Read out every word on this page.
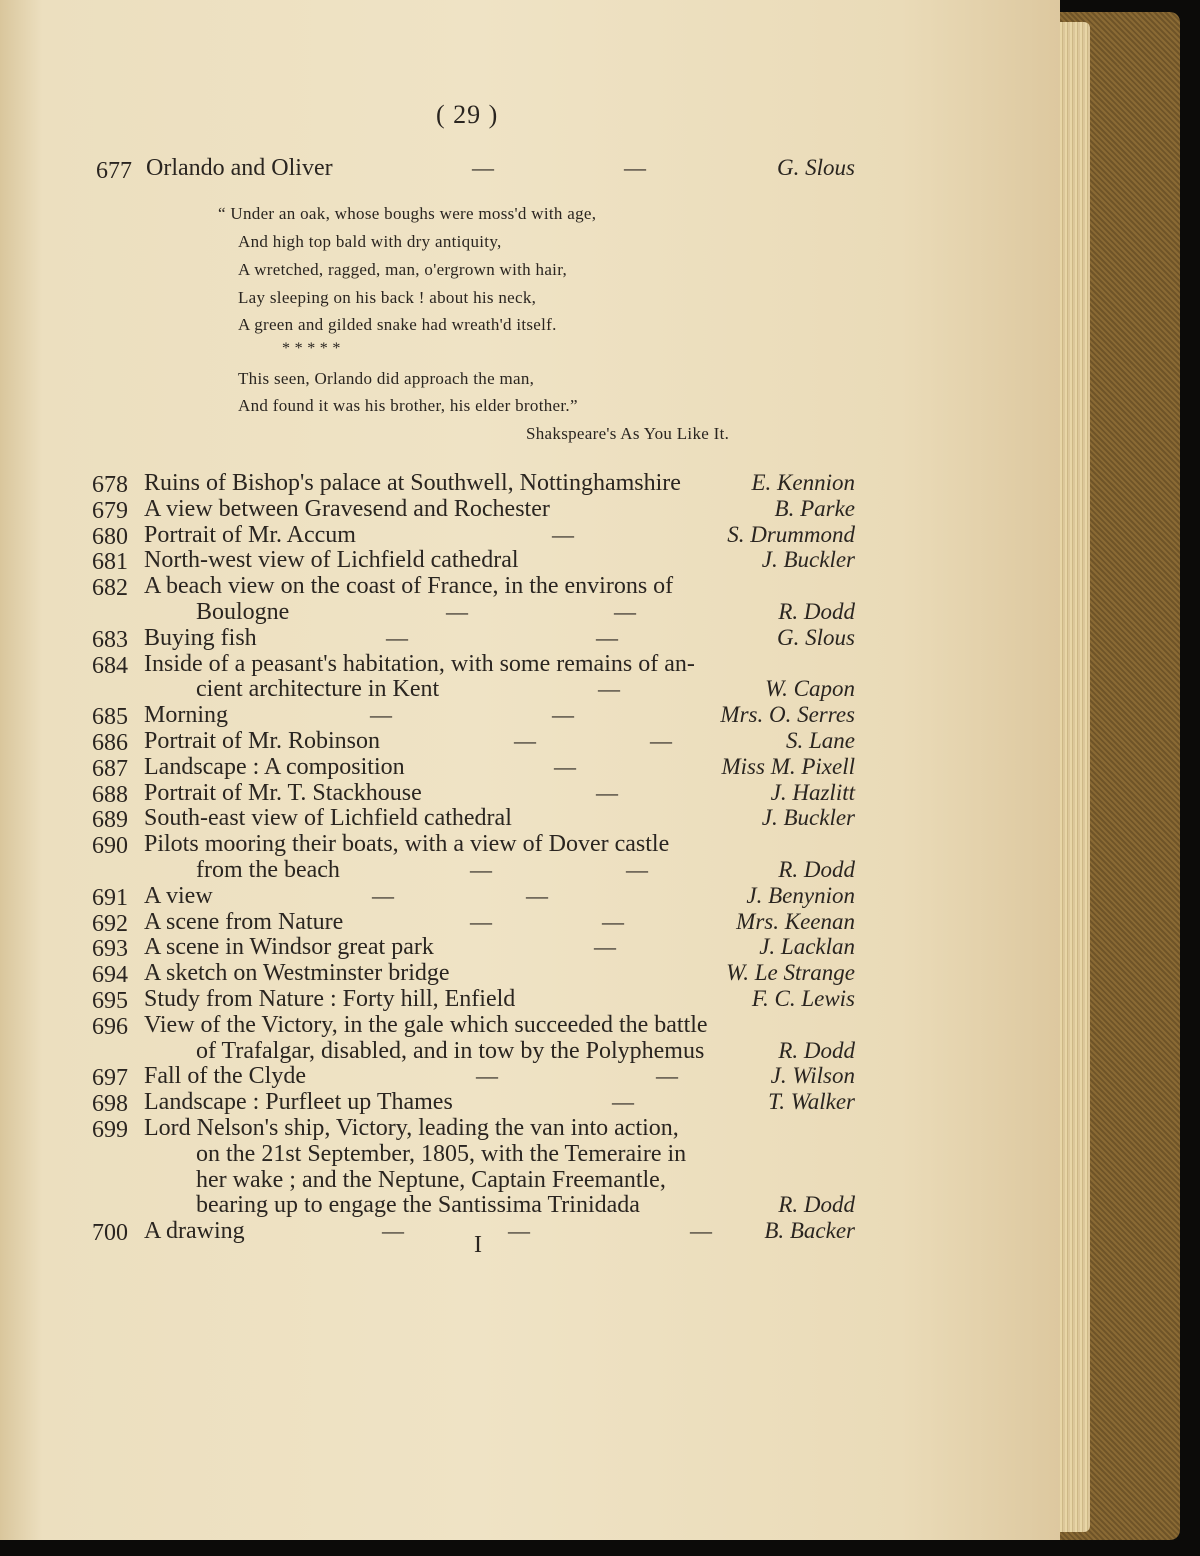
( 29 )
677 Orlando and Oliver	—	—	G. Slous
“ Under an oak, whose boughs were moss'd with age,
And high top bald with dry antiquity,
A wretched, ragged, man, o'ergrown with hair,
Lay sleeping on his back ! about his neck,
A green and gilded snake had wreath'd itself.
* * * * *
This seen, Orlando did approach the man,
And found it was his brother, his elder brother.”
Shakspeare's As You Like It.
678 Ruins of Bishop's palace at Southwell, Nottinghamshire	E. Kennion
679 A view between Gravesend and Rochester	B. Parke
680 Portrait of Mr. Accum	—	S. Drummond
681 North-west view of Lichfield cathedral	J. Buckler
682 A beach view on the coast of France, in the environs of
Boulogne	—	—	R. Dodd
683 Buying fish	—	—	G. Slous
684 Inside of a peasant's habitation, with some remains of an-
cient architecture in Kent	—	W. Capon
685 Morning	—	—	Mrs. O. Serres
686 Portrait of Mr. Robinson	—	—	S. Lane
687 Landscape : A composition	—	Miss M. Pixell
688 Portrait of Mr. T. Stackhouse	—	J. Hazlitt
689 South-east view of Lichfield cathedral	J. Buckler
690 Pilots mooring their boats, with a view of Dover castle
from the beach	—	—	R. Dodd
691 A view	—	—	J. Benynion
692 A scene from Nature	—	—	Mrs. Keenan
693 A scene in Windsor great park	—	J. Lacklan
694 A sketch on Westminster bridge	W. Le Strange
695 Study from Nature : Forty hill, Enfield	F. C. Lewis
696 View of the Victory, in the gale which succeeded the battle
of Trafalgar, disabled, and in tow by the Polyphemus	R. Dodd
697 Fall of the Clyde	—	—	J. Wilson
698 Landscape : Purfleet up Thames	—	T. Walker
699 Lord Nelson's ship, Victory, leading the van into action,
on the 21st September, 1805, with the Temeraire in
her wake ; and the Neptune, Captain Freemantle,
bearing up to engage the Santissima Trinidada	R. Dodd
700 A drawing	—	—	— B. Backer
I
